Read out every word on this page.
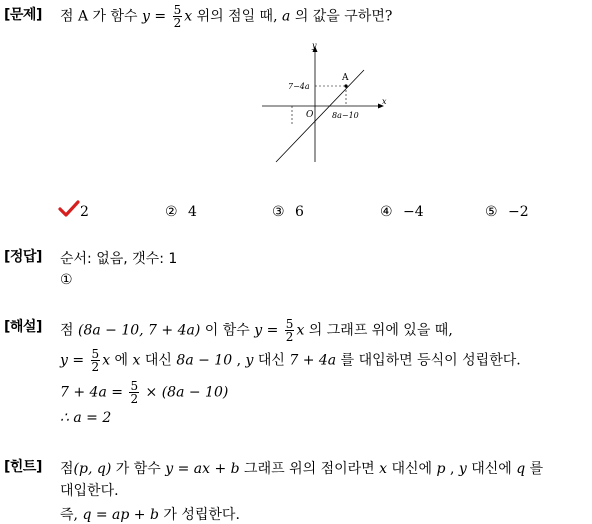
[문제] 점 A 가 함수 $y = \frac{5}{2}$ x 위의 점일 때, a 의 값을 구하면?
y
x
O
A
7−4a
8a−10
2	② 4	③ 6	④ −4	⑤ −2
[정답] 순서: 없음, 갯수: 1
①
[해설] 점 (8a − 10, 7 + 4a) 이 함수 $y = \frac{5}{2}$ x 의 그래프 위에 있을 때,
$y = \frac{5}{2}$ x 에 x 대신 8a − 10 , y 대신 7 + 4a 를 대입하면 등식이 성립한다.
$7 + 4a = \frac{5}{2} \times (8a - 10)$
∴ a = 2
[힌트] 점(p, q) 가 함수 y = ax + b 그래프 위의 점이라면 x 대신에 p , y 대신에 q 를
대입한다.
즉, q = ap + b 가 성립한다.
